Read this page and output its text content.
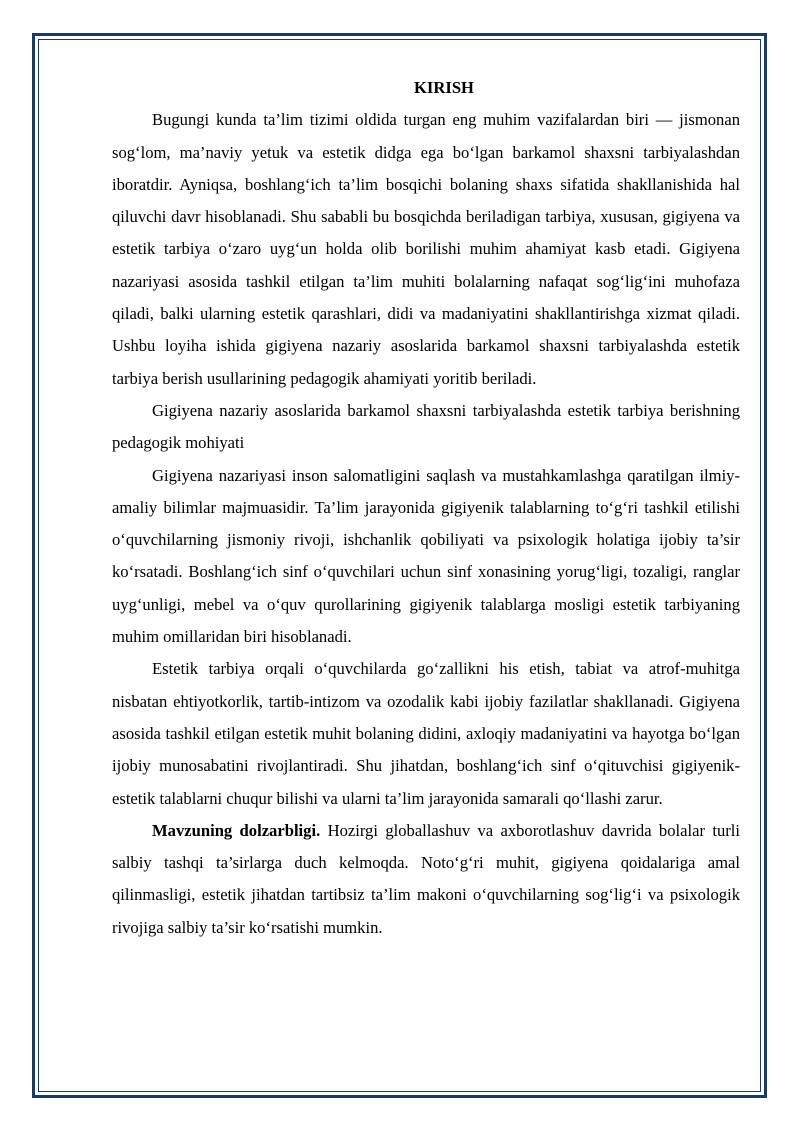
KIRISH

Bugungi kunda ta’lim tizimi oldida turgan eng muhim vazifalardan biri — jismonan sog‘lom, ma’naviy yetuk va estetik didga ega bo‘lgan barkamol shaxsni tarbiyalashdan iboratdir. Ayniqsa, boshlang‘ich ta’lim bosqichi bolaning shaxs sifatida shakllanishida hal qiluvchi davr hisoblanadi. Shu sababli bu bosqichda beriladigan tarbiya, xususan, gigiyena va estetik tarbiya o‘zaro uyg‘un holda olib borilishi muhim ahamiyat kasb etadi. Gigiyena nazariyasi asosida tashkil etilgan ta’lim muhiti bolalarning nafaqat sog‘lig‘ini muhofaza qiladi, balki ularning estetik qarashlari, didi va madaniyatini shakllantirishga xizmat qiladi. Ushbu loyiha ishida gigiyena nazariy asoslarida barkamol shaxsni tarbiyalashda estetik tarbiya berish usullarining pedagogik ahamiyati yoritib beriladi.

Gigiyena nazariy asoslarida barkamol shaxsni tarbiyalashda estetik tarbiya berishning pedagogik mohiyati

Gigiyena nazariyasi inson salomatligini saqlash va mustahkamlashga qaratilgan ilmiy-amaliy bilimlar majmuasidir. Ta’lim jarayonida gigiyenik talablarning to‘g‘ri tashkil etilishi o‘quvchilarning jismoniy rivoji, ishchanlik qobiliyati va psixologik holatiga ijobiy ta’sir ko‘rsatadi. Boshlang‘ich sinf o‘quvchilari uchun sinf xonasining yorug‘ligi, tozaligi, ranglar uyg‘unligi, mebel va o‘quv qurollarining gigiyenik talablarga mosligi estetik tarbiyaning muhim omillaridan biri hisoblanadi.

Estetik tarbiya orqali o‘quvchilarda go‘zallikni his etish, tabiat va atrof-muhitga nisbatan ehtiyotkorlik, tartib-intizom va ozodalik kabi ijobiy fazilatlar shakllanadi. Gigiyena asosida tashkil etilgan estetik muhit bolaning didini, axloqiy madaniyatini va hayotga bo‘lgan ijobiy munosabatini rivojlantiradi. Shu jihatdan, boshlang‘ich sinf o‘qituvchisi gigiyenik-estetik talablarni chuqur bilishi va ularni ta’lim jarayonida samarali qo‘llashi zarur.

Mavzuning dolzarbligi. Hozirgi globallashuv va axborotlashuv davrida bolalar turli salbiy tashqi ta’sirlarga duch kelmoqda. Noto‘g‘ri muhit, gigiyena qoidalariga amal qilinmasligi, estetik jihatdan tartibsiz ta’lim makoni o‘quvchilarning sog‘lig‘i va psixologik rivojiga salbiy ta’sir ko‘rsatishi mumkin.
